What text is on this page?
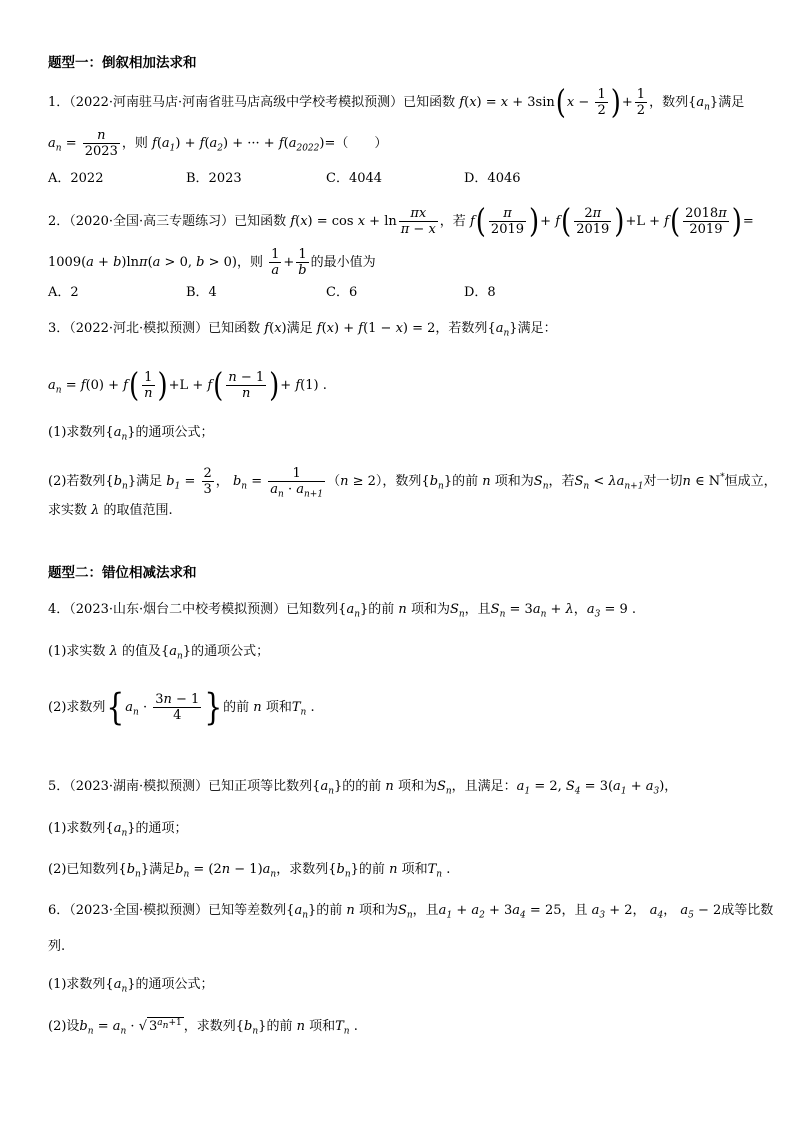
题型一：倒叙相加法求和
1．（2022·河南驻马店·河南省驻马店高级中学校考模拟预测）已知函数 $f(x) = x + 3\sin(x - \frac{1}{2}$ )+ $\frac{1}{2}$ ，数列$\{a_n\}$满足
$a_n = \frac{n}{2023}$ ，则 $f(a_1) + f(a_2)$ + ··· + $f(a_{2022})=$（　　）
A．2022	B．2023	C．4044	D．4046
2．（2020·全国·高三专题练习）已知函数 $f(x) = \cos x + \ln \frac{\pi x}{\pi - x}$ ，若 $f( \frac{\pi}{2019}$ )+ $f( \frac{2\pi}{2019} )+L + f( \frac{2018\pi}{2019}$ )=
1009(a + b)lnπ(a > 0, b > 0)，则 $\frac{1}{a} + \frac{1}{b}$ 的最小值为
A．2	B．4	C．6	D．8
3．（2022·河北·模拟预测）已知函数 f(x)满足 f(x) + f(1 − x) = 2，若数列$\{a_n\}$满足：
$a_n = f(0) + f( \frac{1}{n} )+L + f( \frac{n - 1}{n}$ )+ f(1) .
(1)求数列$\{a_n\}$的通项公式；
(2)若数列$\{b_n\}$满足 $b_1 = \frac{2}{3}$ ， $b_n = \frac{1}{a_n \cdot a_{n+1}} (n \ge 2)$，数列$\{b_n\}$的前 n 项和为$S_n$，若$S_n < \lambda a_{n+1}$对一切n ∈ N*恒成立，
求实数 λ 的取值范围.
题型二：错位相减法求和
4．（2023·山东·烟台二中校考模拟预测）已知数列$\{a_n\}$的前 n 项和为$S_n$，且$S_n = 3a_n + \lambda$，$a_3 = 9$ .
(1)求实数 λ 的值及$\{a_n\}$的通项公式；
(2)求数列{$a_n \cdot \frac{3n - 1}{4}$ }的前 n 项和$T_n$ .
5．（2023·湖南·模拟预测）已知正项等比数列$\{a_n\}$的的前 n 项和为$S_n$，且满足：$a_1 = 2$, $S_4 = 3(a_1 + a_3)$，
(1)求数列$\{a_n\}$的通项；
(2)已知数列$\{b_n\}$满足$b_n = (2n - 1)a_n$，求数列$\{b_n\}$的前 n 项和$T_n$ .
6．（2023·全国·模拟预测）已知等差数列$\{a_n\}$的前 n 项和为$S_n$，且$a_1 + a_2 + 3a_4 = 25$，且 $a_3 + 2$， $a_4$， $a_5 - 2$成等比数
列.
(1)求数列$\{a_n\}$的通项公式；
(2)设$b_n = a_n$ · √ $3^{a_n+1}$ ，求数列$\{b_n\}$的前 n 项和$T_n$ .
